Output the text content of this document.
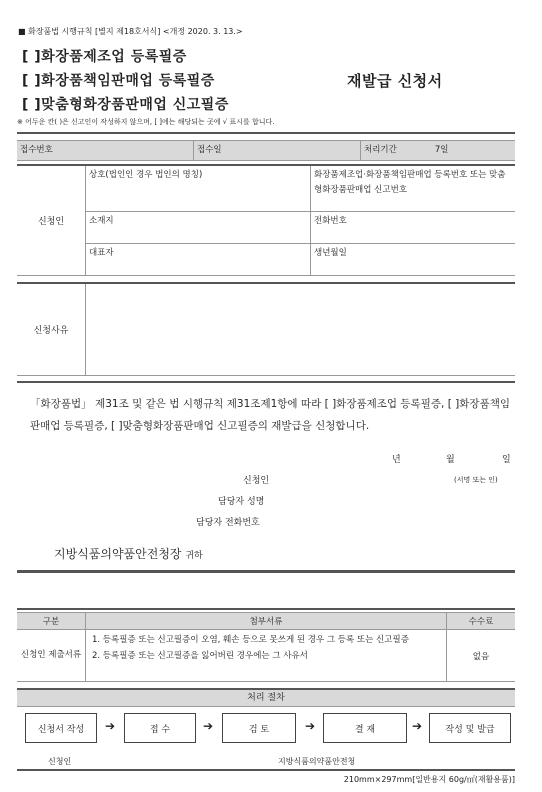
■ 화장품법 시행규칙 [별지 제18호서식] <개정 2020. 3. 13.>
[ ]화장품제조업 등록필증
[ ]화장품책임판매업 등록필증
[ ]맞춤형화장품판매업 신고필증
재발급 신청서
※ 어두운 칸( )은 신고인이 작성하지 않으며, [ ]에는 해당되는 곳에 √ 표시를 합니다.
접수번호	접수일	처리기간	7일
신청인	상호(법인인 경우 법인의 명칭)	화장품제조업·화장품책임판매업 등록번호 또는 맞춤형화장품판매업 신고번호
	소재지	전화번호
	대표자	생년월일
신청사유	
「화장품법」 제31조 및 같은 법 시행규칙 제31조제1항에 따라 [ ]화장품제조업 등록필증, [ ]화장품책임판매업 등록필증, [ ]맞춤형화장품판매업 신고필증의 재발급을 신청합니다.
년	월	일
신청인	(서명 또는 인)
담당자 성명
담당자 전화번호
지방식품의약품안전청장 귀하
구분	첨부서류	수수료
신청인 제출서류	1. 등록필증 또는 신고필증이 오염, 훼손 등으로 못쓰게 된 경우 그 등록 또는 신고필증
2. 등록필증 또는 신고필증을 잃어버린 경우에는 그 사유서	없음
처리 절차
신청서 작성	➔	접 수	➔	검 토	➔	결 재	➔	작성 및 발급
신청인	지방식품의약품안전청
210mm×297mm[일반용지 60g/㎡(재활용품)]
